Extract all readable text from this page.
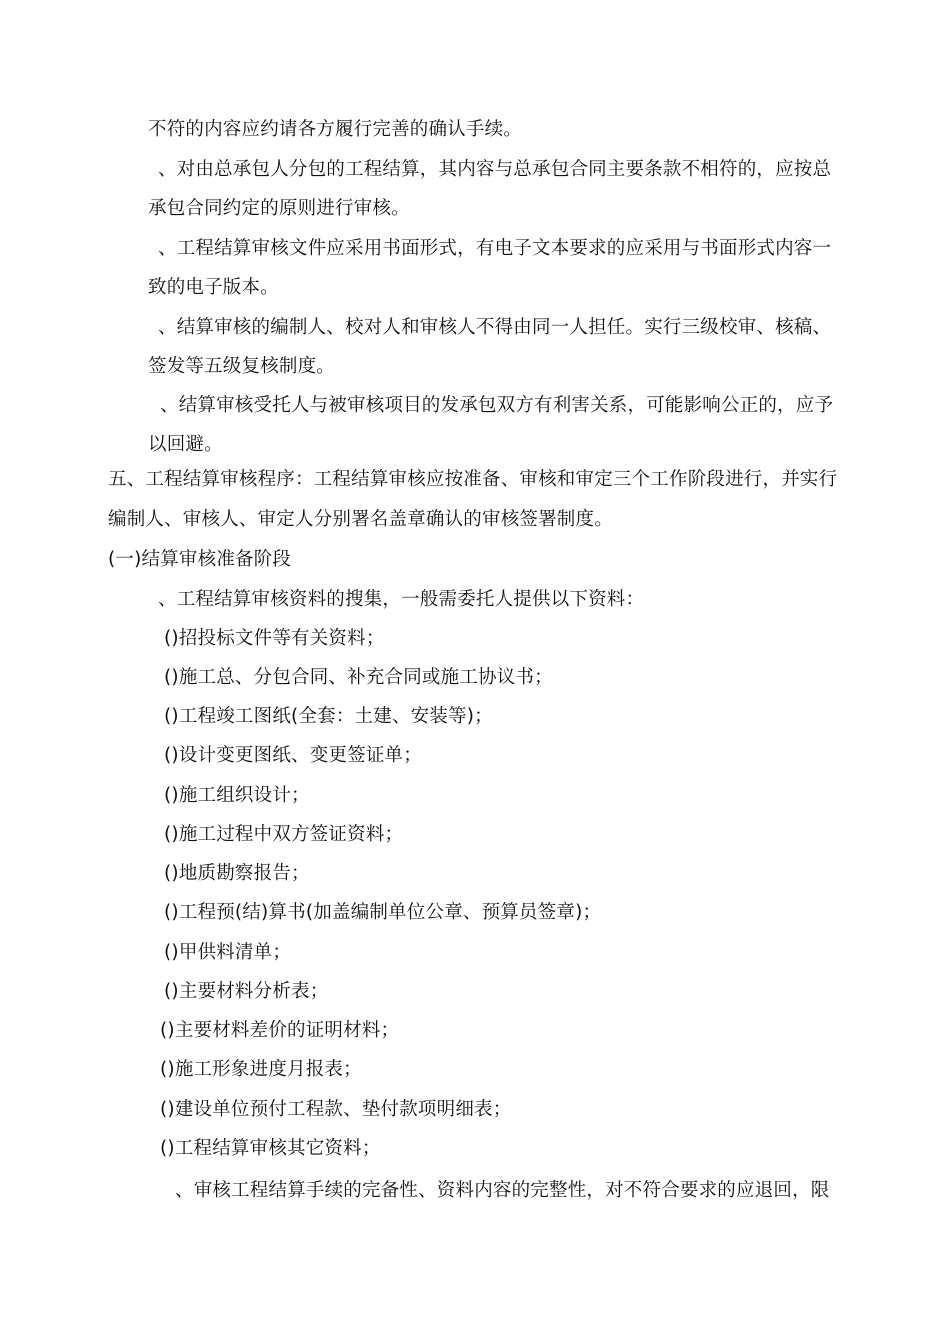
不符的内容应约请各方履行完善的确认手续。
、对由总承包人分包的工程结算，其内容与总承包合同主要条款不相符的，应按总
承包合同约定的原则进行审核。
、工程结算审核文件应采用书面形式，有电子文本要求的应采用与书面形式内容一
致的电子版本。
、结算审核的编制人、校对人和审核人不得由同一人担任。实行三级校审、核稿、
签发等五级复核制度。
、结算审核受托人与被审核项目的发承包双方有利害关系，可能影响公正的，应予
以回避。
五、工程结算审核程序：工程结算审核应按准备、审核和审定三个工作阶段进行，并实行
编制人、审核人、审定人分别署名盖章确认的审核签署制度。
(一)结算审核准备阶段
、工程结算审核资料的搜集，一般需委托人提供以下资料：
()招投标文件等有关资料；
()施工总、分包合同、补充合同或施工协议书；
()工程竣工图纸(全套：土建、安装等)；
()设计变更图纸、变更签证单；
()施工组织设计；
()施工过程中双方签证资料；
()地质勘察报告；
()工程预(结)算书(加盖编制单位公章、预算员签章)；
()甲供料清单；
()主要材料分析表；
()主要材料差价的证明材料；
()施工形象进度月报表；
()建设单位预付工程款、垫付款项明细表；
()工程结算审核其它资料；
、审核工程结算手续的完备性、资料内容的完整性，对不符合要求的应退回，限
